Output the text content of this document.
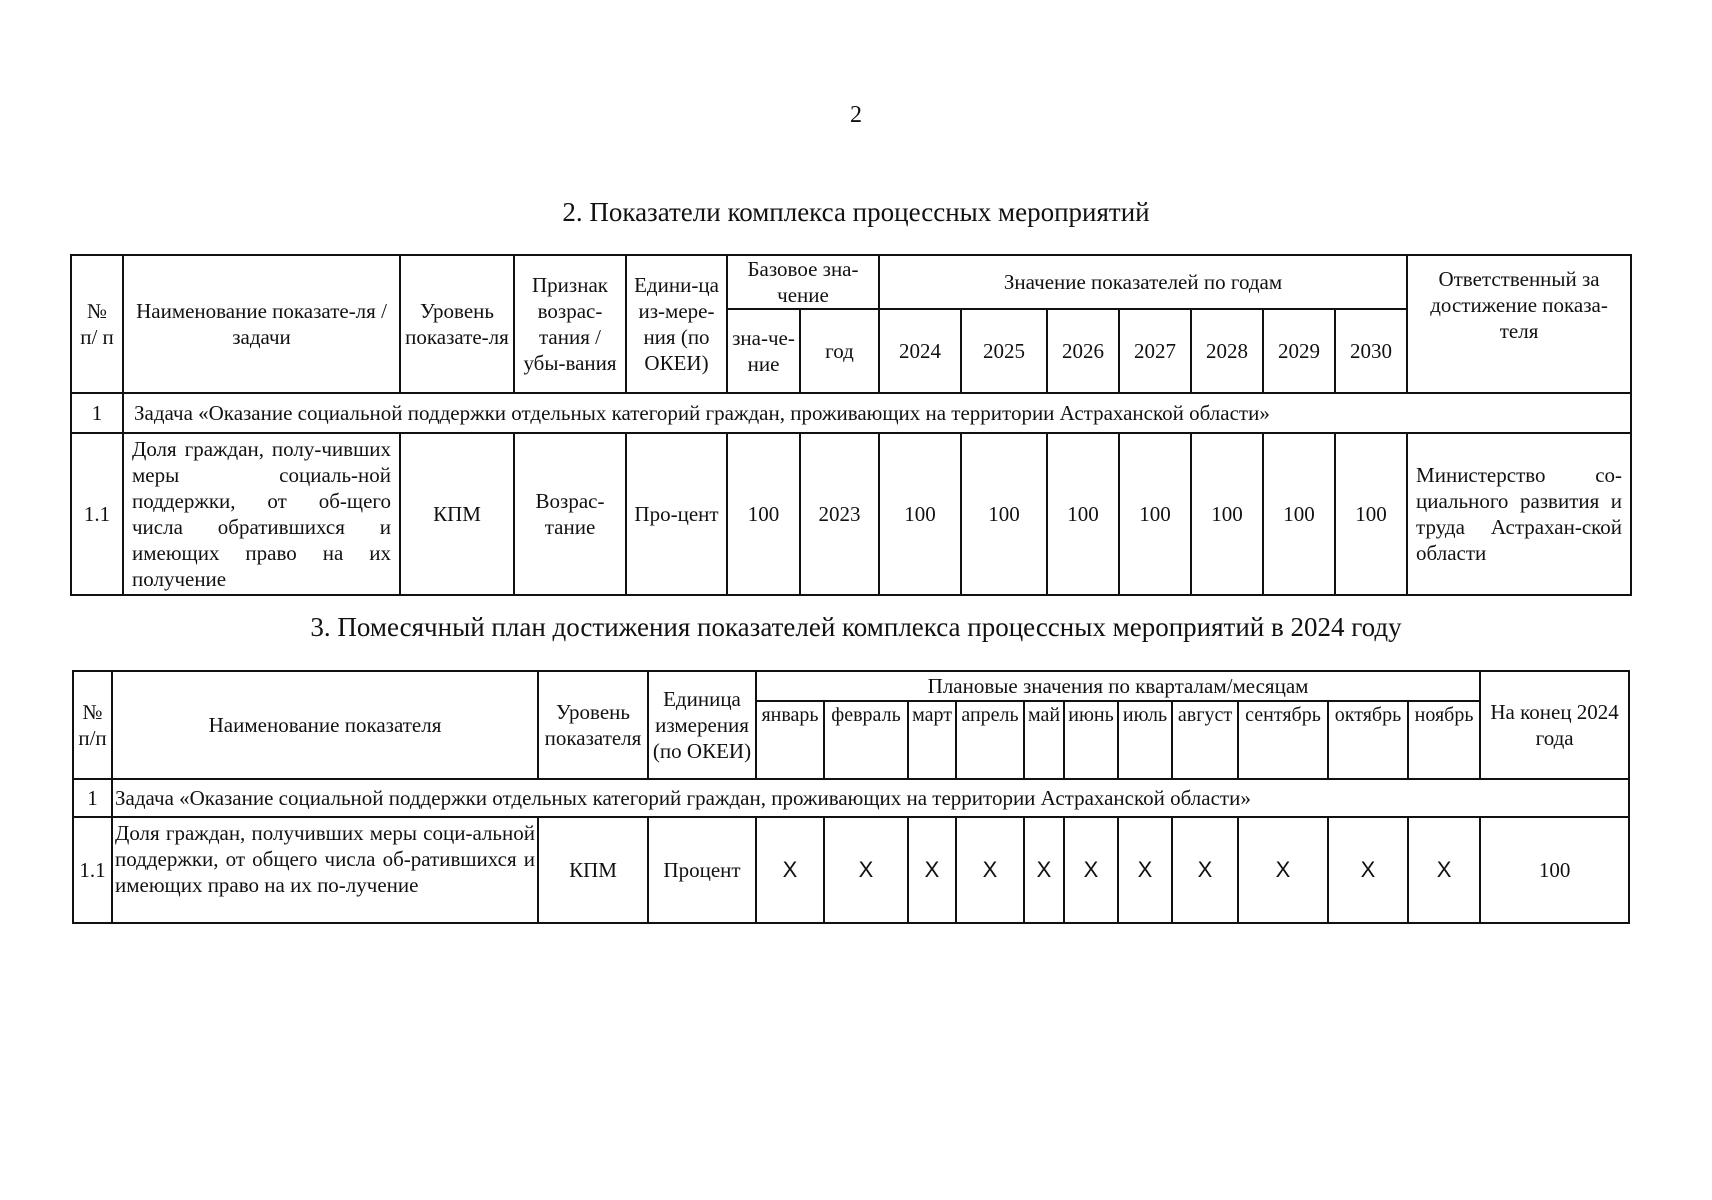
2
2. Показатели комплекса процессных мероприятий
№ п/ п	Наименование показате-ля / задачи	Уровень показате-ля	Признак возрас-тания / убы-вания	Едини-ца из-мере-ния (по ОКЕИ)	Базовое зна-чение		Значение показателей по годам							Ответственный за достижение показа-теля
					зна-че-ние	год	2024	2025	2026	2027	2028	2029	2030	
1	Задача «Оказание социальной поддержки отдельных категорий граждан, проживающих на территории Астраханской области»													
1.1	Доля граждан, полу-чивших меры социаль-ной поддержки, от об-щего числа обратившихся и имеющих право на их получение	КПМ	Возрас-тание	Про-цент	100	2023	100	100	100	100	100	100	100	Министерство со-циального развития и труда Астрахан-ской области
3. Помесячный план достижения показателей комплекса процессных мероприятий в 2024 году
№ п/п	Наименование показателя	Уровень показателя	Единица измерения (по ОКЕИ)	Плановые значения по кварталам/месяцам											На конец 2024 года
				январь	февраль	март	апрель	май	июнь	июль	август	сентябрь	октябрь	ноябрь	
1	Задача «Оказание социальной поддержки отдельных категорий граждан, проживающих на территории Астраханской области»														
1.1	Доля граждан, получивших меры соци-альной поддержки, от общего числа об-ратившихся и имеющих право на их по-лучение	КПМ	Процент	X	X	X	X	X	X	X	X	X	X	X	100
